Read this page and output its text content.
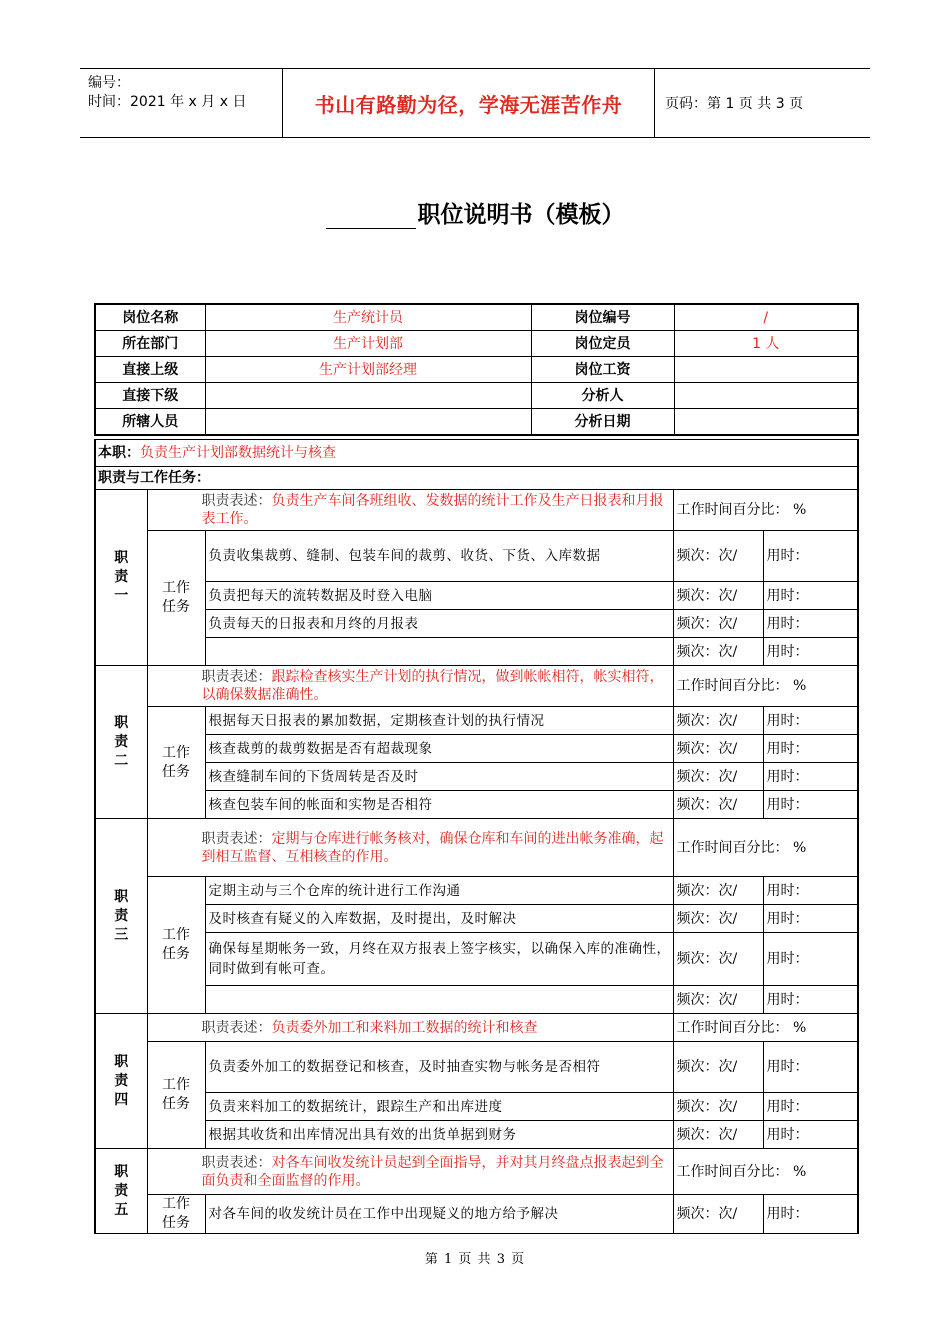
编号：
时间：2021 年 x 月 x 日	书山有路勤为径，学海无涯苦作舟	页码：第 1 页 共 3 页
职位说明书（模板）
岗位名称	生产统计员	岗位编号	/
所在部门	生产计划部	岗位定员	1 人
直接上级	生产计划部经理	岗位工资	
直接下级		分析人	
所辖人员		分析日期	
本职：负责生产计划部数据统计与核查				
职责与工作任务：				
职
责
一	职责表述：负责生产车间各班组收、发数据的统计工作及生产日报表和月报表工作。		工作时间百分比： %	
	工作
任务	负责收集裁剪、缝制、包装车间的裁剪、收货、下货、入库数据	频次：次/	用时：
		负责把每天的流转数据及时登入电脑	频次：次/	用时：
		负责每天的日报表和月终的月报表	频次：次/	用时：
			频次：次/	用时：
职
责
二	职责表述：跟踪检查核实生产计划的执行情况，做到帐帐相符，帐实相符，以确保数据准确性。		工作时间百分比： %	
	工作
任务	根据每天日报表的累加数据，定期核查计划的执行情况	频次：次/	用时：
		核查裁剪的裁剪数据是否有超裁现象	频次：次/	用时：
		核查缝制车间的下货周转是否及时	频次：次/	用时：
		核查包装车间的帐面和实物是否相符	频次：次/	用时：
职
责
三	职责表述：定期与仓库进行帐务核对，确保仓库和车间的进出帐务准确，起到相互监督、互相核查的作用。		工作时间百分比： %	
	工作
任务	定期主动与三个仓库的统计进行工作沟通	频次：次/	用时：
		及时核查有疑义的入库数据，及时提出，及时解决	频次：次/	用时：
		确保每星期帐务一致，月终在双方报表上签字核实，以确保入库的准确性，同时做到有帐可查。	频次：次/	用时：
			频次：次/	用时：
职
责
四	职责表述：负责委外加工和来料加工数据的统计和核查		工作时间百分比： %	
	工作
任务	负责委外加工的数据登记和核查，及时抽查实物与帐务是否相符	频次：次/	用时：
		负责来料加工的数据统计，跟踪生产和出库进度	频次：次/	用时：
		根据其收货和出库情况出具有效的出货单据到财务	频次：次/	用时：
职
责
五	职责表述：对各车间收发统计员起到全面指导，并对其月终盘点报表起到全面负责和全面监督的作用。		工作时间百分比： %	
	工作
任务	对各车间的收发统计员在工作中出现疑义的地方给予解决	频次：次/	用时：
第 1 页 共 3 页
